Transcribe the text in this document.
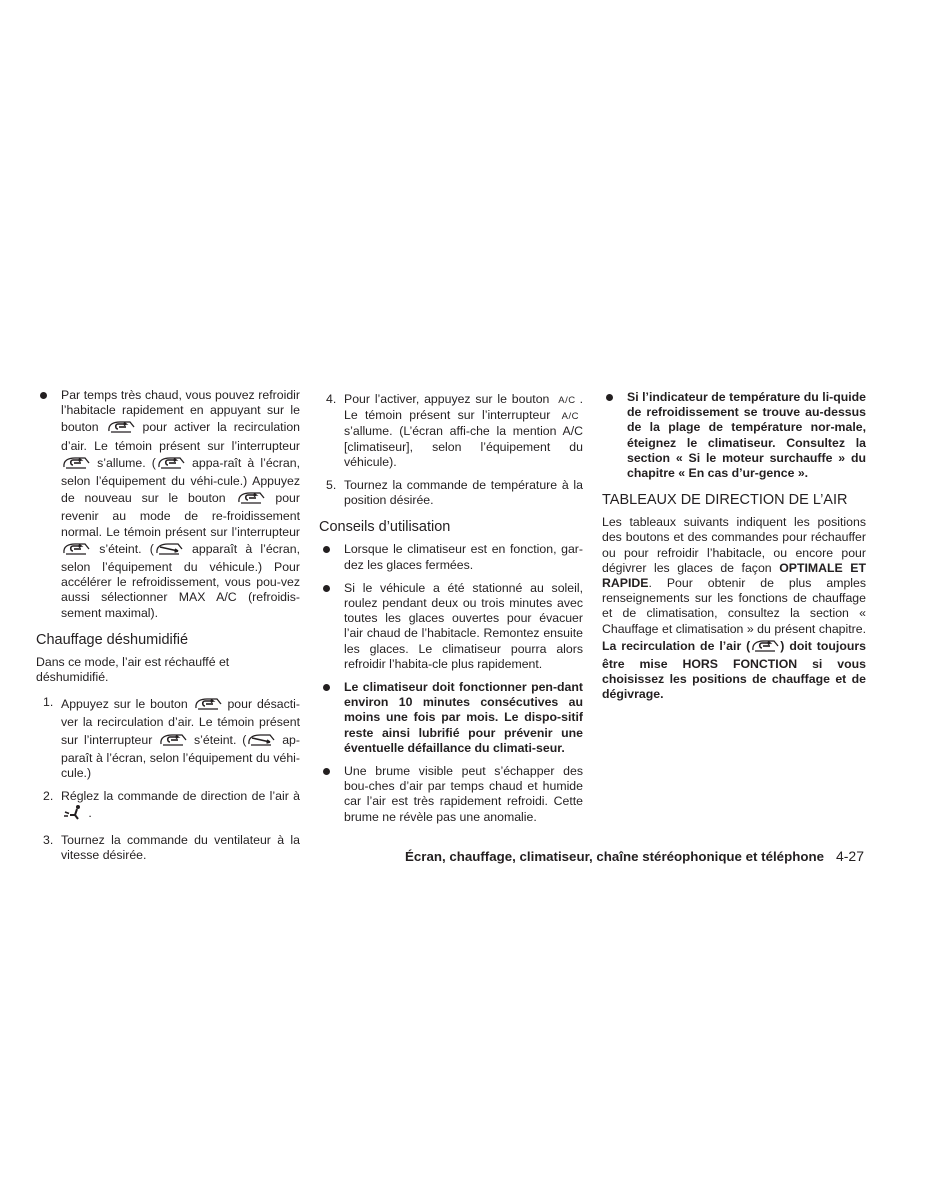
Par temps très chaud, vous pouvez refroidir l’habitacle rapidement en appuyant sur le bouton	pour activer la recirculation d’air. Le témoin présent sur l’interrupteur  s’allume. (	appa-raît à l’écran, selon l’équipement du véhi-cule.) Appuyez de nouveau sur le bouton	pour revenir au mode de re-froidissement normal. Le témoin présent sur l’interrupteur  s’éteint. (	apparaît à l’écran, selon l’équipement du véhicule.) Pour accélérer le refroidissement, vous pou-vez aussi sélectionner MAX A/C (refroidis-sement maximal).
Chauffage déshumidifié
Dans ce mode, l’air est réchauffé et déshumidifié.
1. Appuyez sur le bouton	pour désacti-ver la recirculation d’air. Le témoin présent sur l’interrupteur	s’éteint. (	ap-paraît à l’écran, selon l’équipement du véhi-cule.)
2. Réglez la commande de direction de l’air à  .
3. Tournez la commande du ventilateur à la vitesse désirée.
4. Pour l’activer, appuyez sur le bouton A/C . Le témoin présent sur l’interrupteur A/C s’allume. (L’écran affi-che la mention A/C [climatiseur], selon l’équipement du véhicule).
5. Tournez la commande de température à la position désirée.
Conseils d’utilisation
Lorsque le climatiseur est en fonction, gar-dez les glaces fermées.
Si le véhicule a été stationné au soleil, roulez pendant deux ou trois minutes avec toutes les glaces ouvertes pour évacuer l’air chaud de l’habitacle. Remontez ensuite les glaces. Le climatiseur pourra alors refroidir l’habita-cle plus rapidement.
Le climatiseur doit fonctionner pen-dant environ 10 minutes consécutives au moins une fois par mois. Le dispo-sitif reste ainsi lubrifié pour prévenir une éventuelle défaillance du climati-seur.
Une brume visible peut s’échapper des bou-ches d’air par temps chaud et humide car l’air est très rapidement refroidi. Cette brume ne révèle pas une anomalie.
Si l’indicateur de température du li-quide de refroidissement se trouve au-dessus de la plage de température nor-male, éteignez le climatiseur. Consultez la section « Si le moteur surchauffe » du chapitre « En cas d’ur-gence ».
TABLEAUX DE DIRECTION DE L’AIR
Les tableaux suivants indiquent les positions des boutons et des commandes pour réchauffer ou pour refroidir l’habitacle, ou encore pour dégivrer les glaces de façon OPTIMALE ET RAPIDE. Pour obtenir de plus amples renseignements sur les fonctions de chauffage et de climatisation, consultez la section « Chauffage et climatisation » du présent chapitre. La recirculation de l’air ( ) doit toujours être mise HORS FONCTION si vous choisissez les positions de chauffage et de dégivrage.
Écran, chauffage, climatiseur, chaîne stéréophonique et téléphone 4-27
